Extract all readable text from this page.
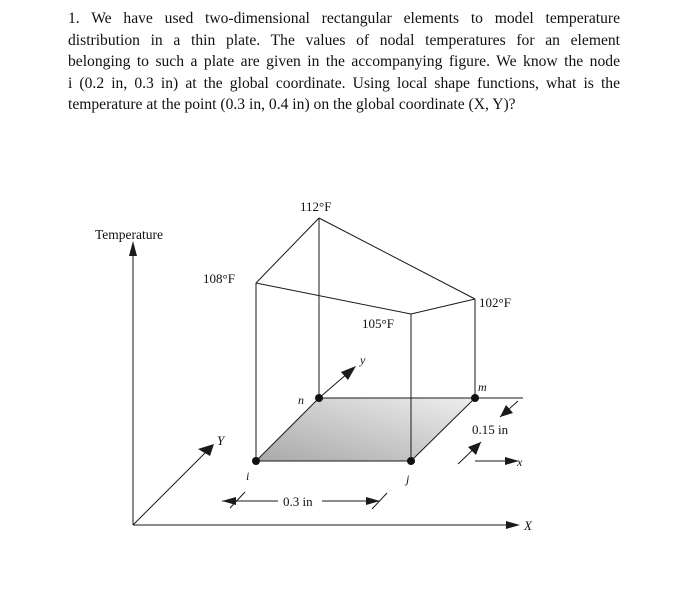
1. We have used two-dimensional rectangular elements to model temperature
distribution in a thin plate. The values of nodal temperatures for an element
belonging to such a plate are given in the accompanying figure. We know the node
i (0.2 in, 0.3 in) at the global coordinate. Using local shape functions, what is the
temperature at the point (0.3 in, 0.4 in) on the global coordinate (X, Y)?

Temperature
X
Y
x
y
108°F
112°F
102°F
105°F
i	j
m
n
0.3 in
0.15 in
